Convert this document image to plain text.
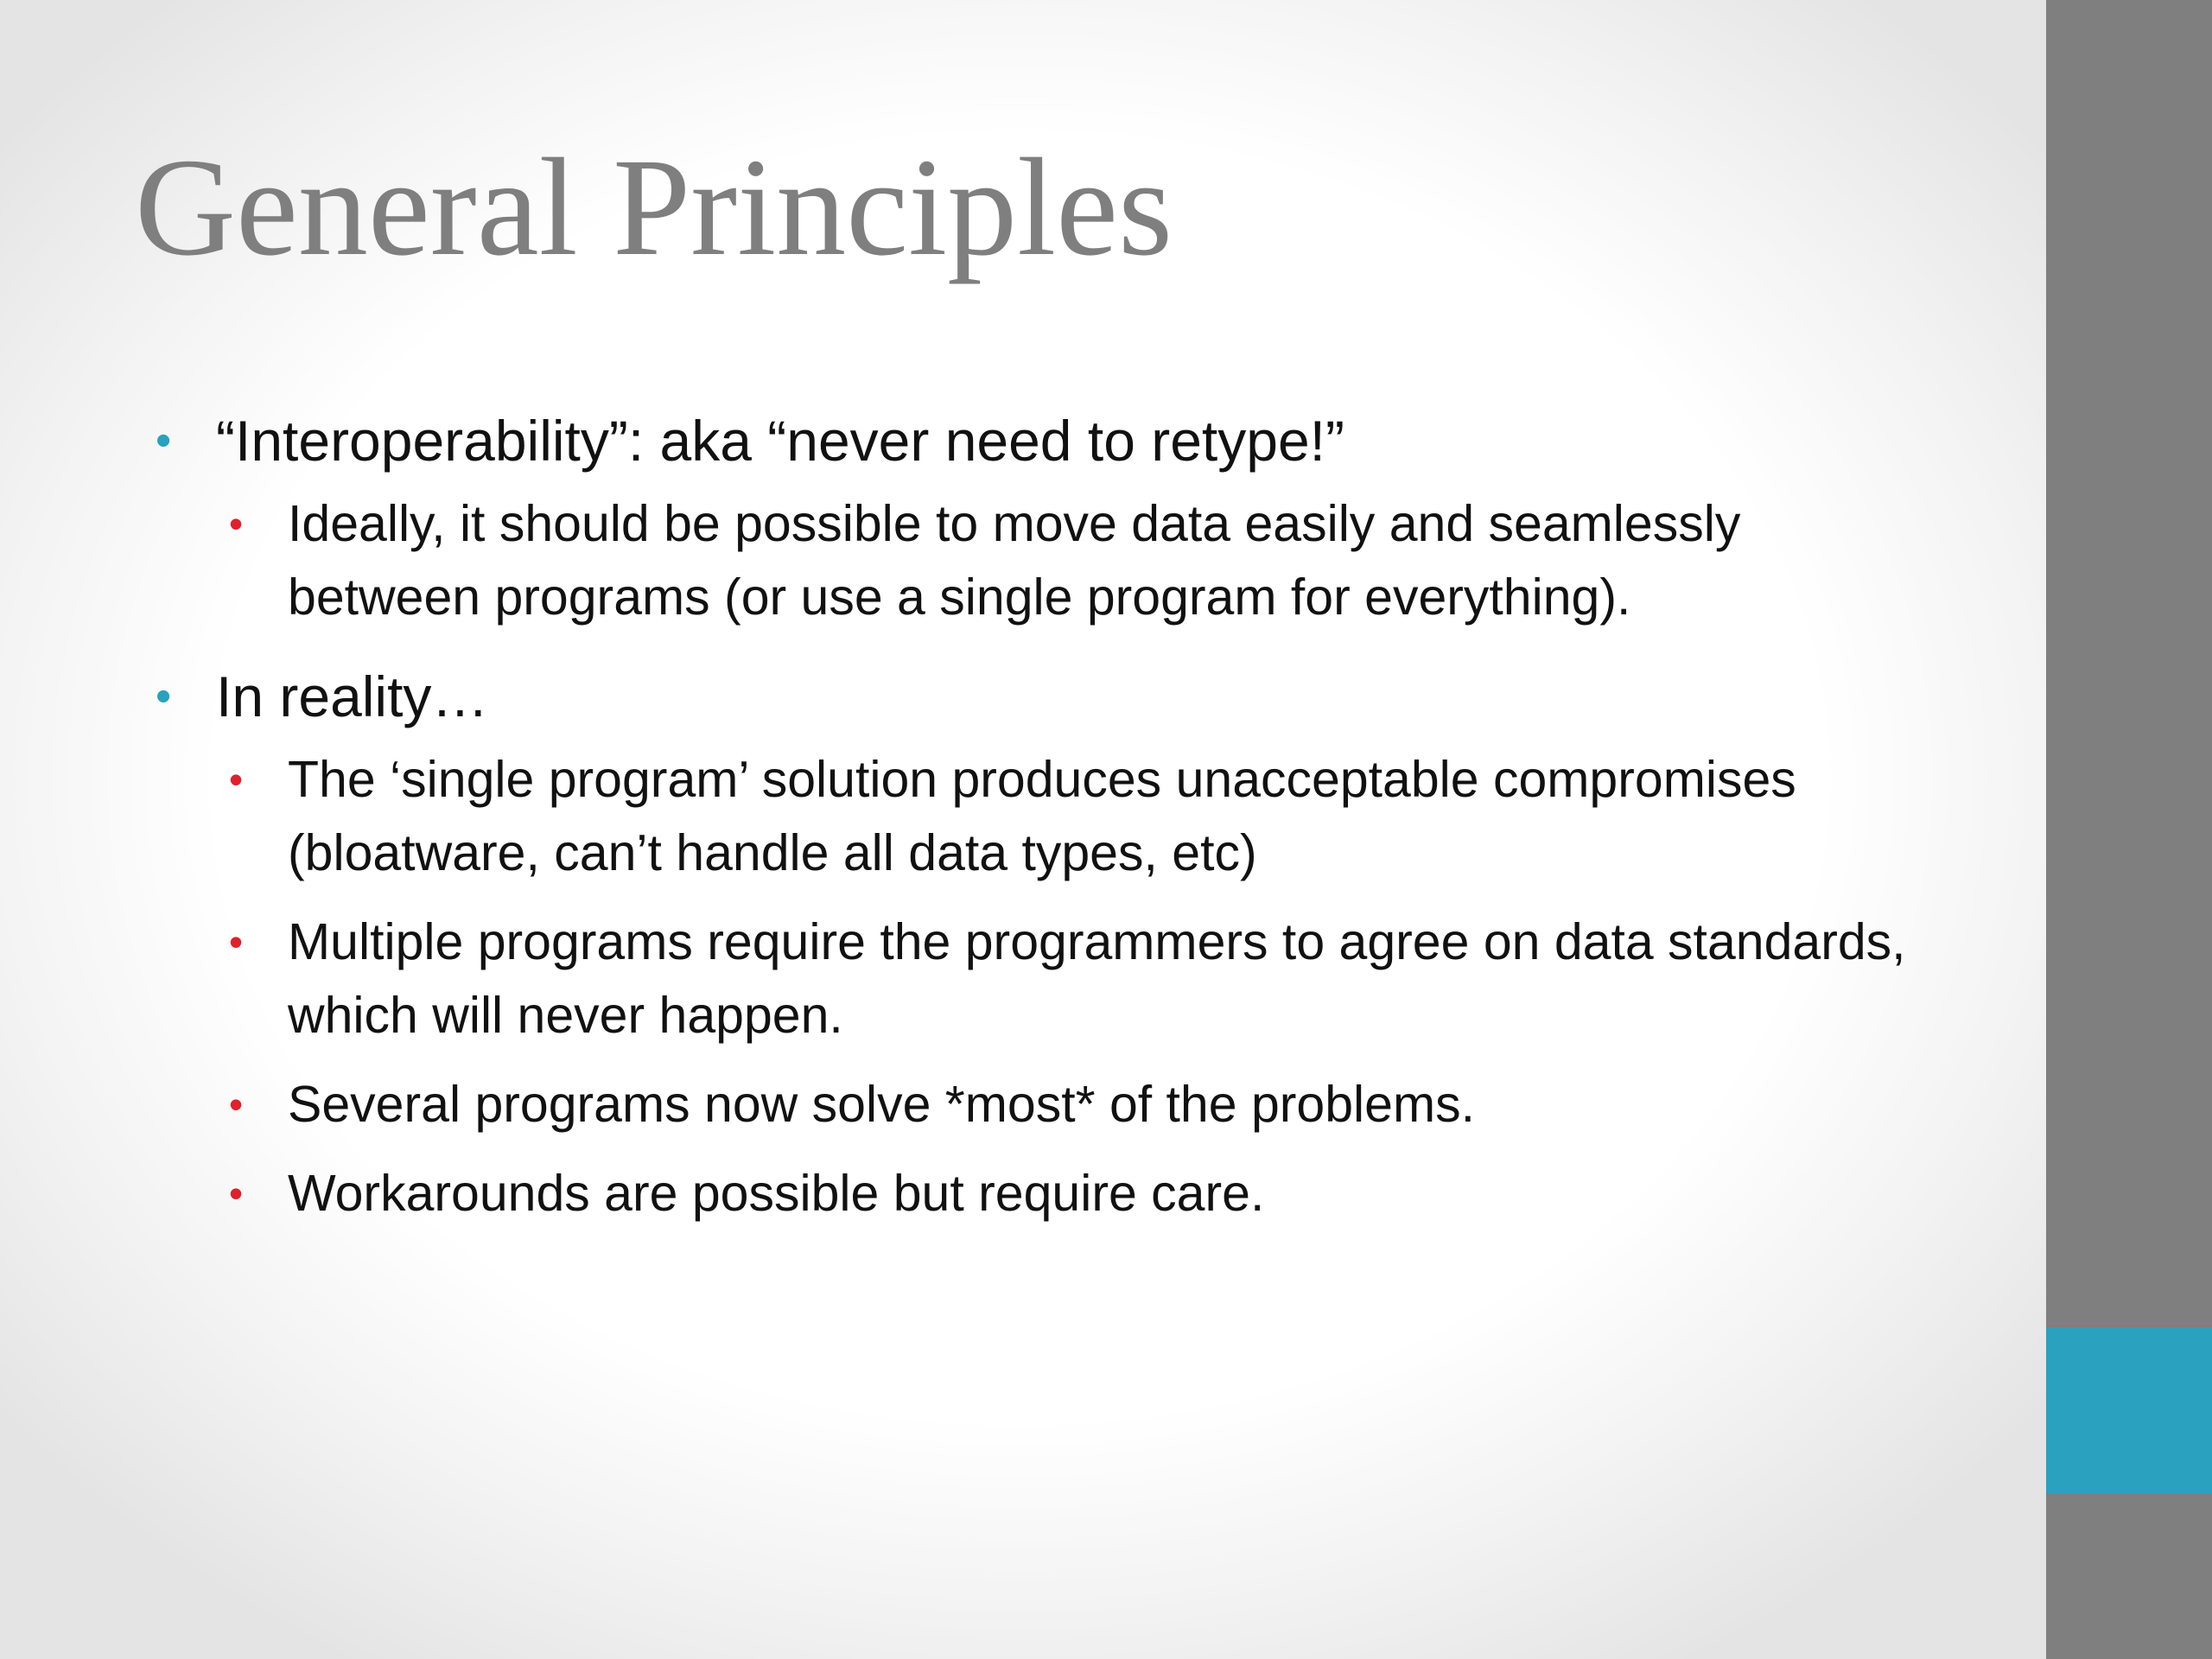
General Principles
• “Interoperability”: aka “never need to retype!”
• Ideally, it should be possible to move data easily and seamlessly between programs (or use a single program for everything).
• In reality…
• The ‘single program’ solution produces unacceptable compromises (bloatware, can’t handle all data types, etc)
• Multiple programs require the programmers to agree on data standards, which will never happen.
• Several programs now solve *most* of the problems.
• Workarounds are possible but require care.
